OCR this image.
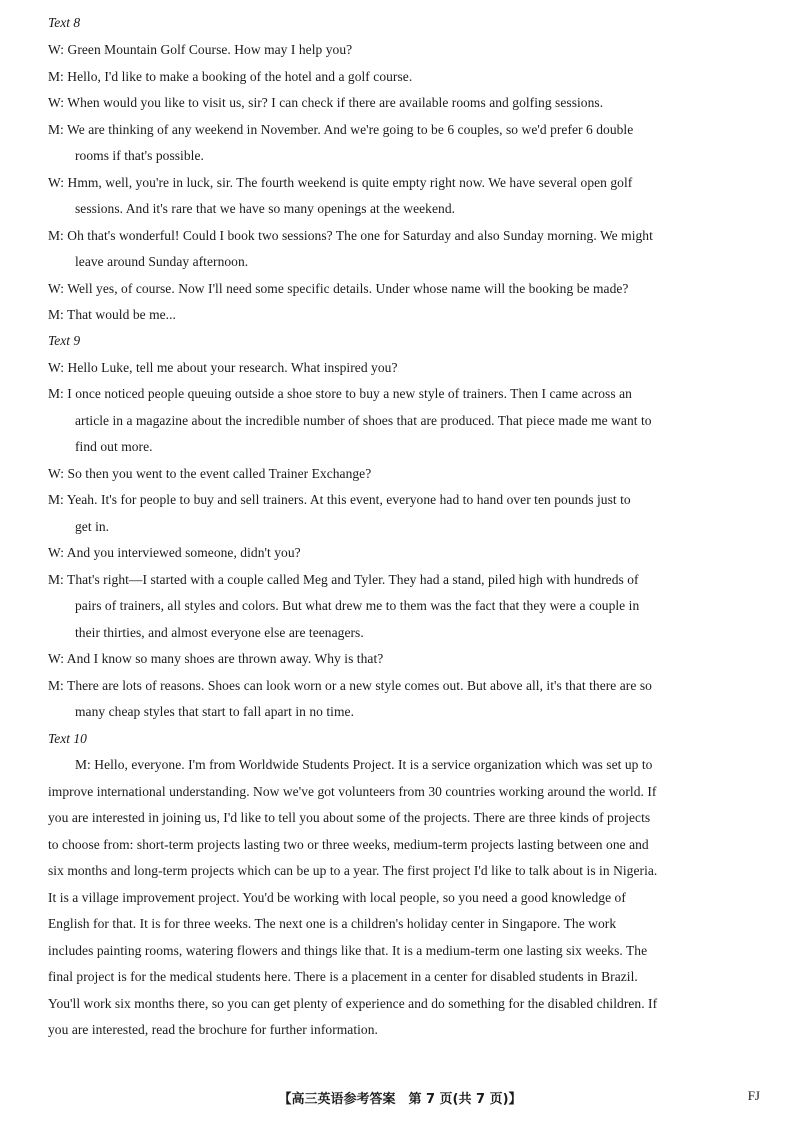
Text 8
W: Green Mountain Golf Course. How may I help you?
M: Hello, I'd like to make a booking of the hotel and a golf course.
W: When would you like to visit us, sir? I can check if there are available rooms and golfing sessions.
M: We are thinking of any weekend in November. And we're going to be 6 couples, so we'd prefer 6 double
rooms if that's possible.
W: Hmm, well, you're in luck, sir. The fourth weekend is quite empty right now. We have several open golf
sessions. And it's rare that we have so many openings at the weekend.
M: Oh that's wonderful! Could I book two sessions? The one for Saturday and also Sunday morning. We might
leave around Sunday afternoon.
W: Well yes, of course. Now I'll need some specific details. Under whose name will the booking be made?
M: That would be me...
Text 9
W: Hello Luke, tell me about your research. What inspired you?
M: I once noticed people queuing outside a shoe store to buy a new style of trainers. Then I came across an
article in a magazine about the incredible number of shoes that are produced. That piece made me want to
find out more.
W: So then you went to the event called Trainer Exchange?
M: Yeah. It's for people to buy and sell trainers. At this event, everyone had to hand over ten pounds just to
get in.
W: And you interviewed someone, didn't you?
M: That's right—I started with a couple called Meg and Tyler. They had a stand, piled high with hundreds of
pairs of trainers, all styles and colors. But what drew me to them was the fact that they were a couple in
their thirties, and almost everyone else are teenagers.
W: And I know so many shoes are thrown away. Why is that?
M: There are lots of reasons. Shoes can look worn or a new style comes out. But above all, it's that there are so
many cheap styles that start to fall apart in no time.
Text 10
M: Hello, everyone. I'm from Worldwide Students Project. It is a service organization which was set up to
improve international understanding. Now we've got volunteers from 30 countries working around the world. If
you are interested in joining us, I'd like to tell you about some of the projects. There are three kinds of projects
to choose from: short-term projects lasting two or three weeks, medium-term projects lasting between one and
six months and long-term projects which can be up to a year. The first project I'd like to talk about is in Nigeria.
It is a village improvement project. You'd be working with local people, so you need a good knowledge of
English for that. It is for three weeks. The next one is a children's holiday center in Singapore. The work
includes painting rooms, watering flowers and things like that. It is a medium-term one lasting six weeks. The
final project is for the medical students here. There is a placement in a center for disabled students in Brazil.
You'll work six months there, so you can get plenty of experience and do something for the disabled children. If
you are interested, read the brochure for further information.
【高三英语参考答案　第 7 页(共 7 页)】	FJ
